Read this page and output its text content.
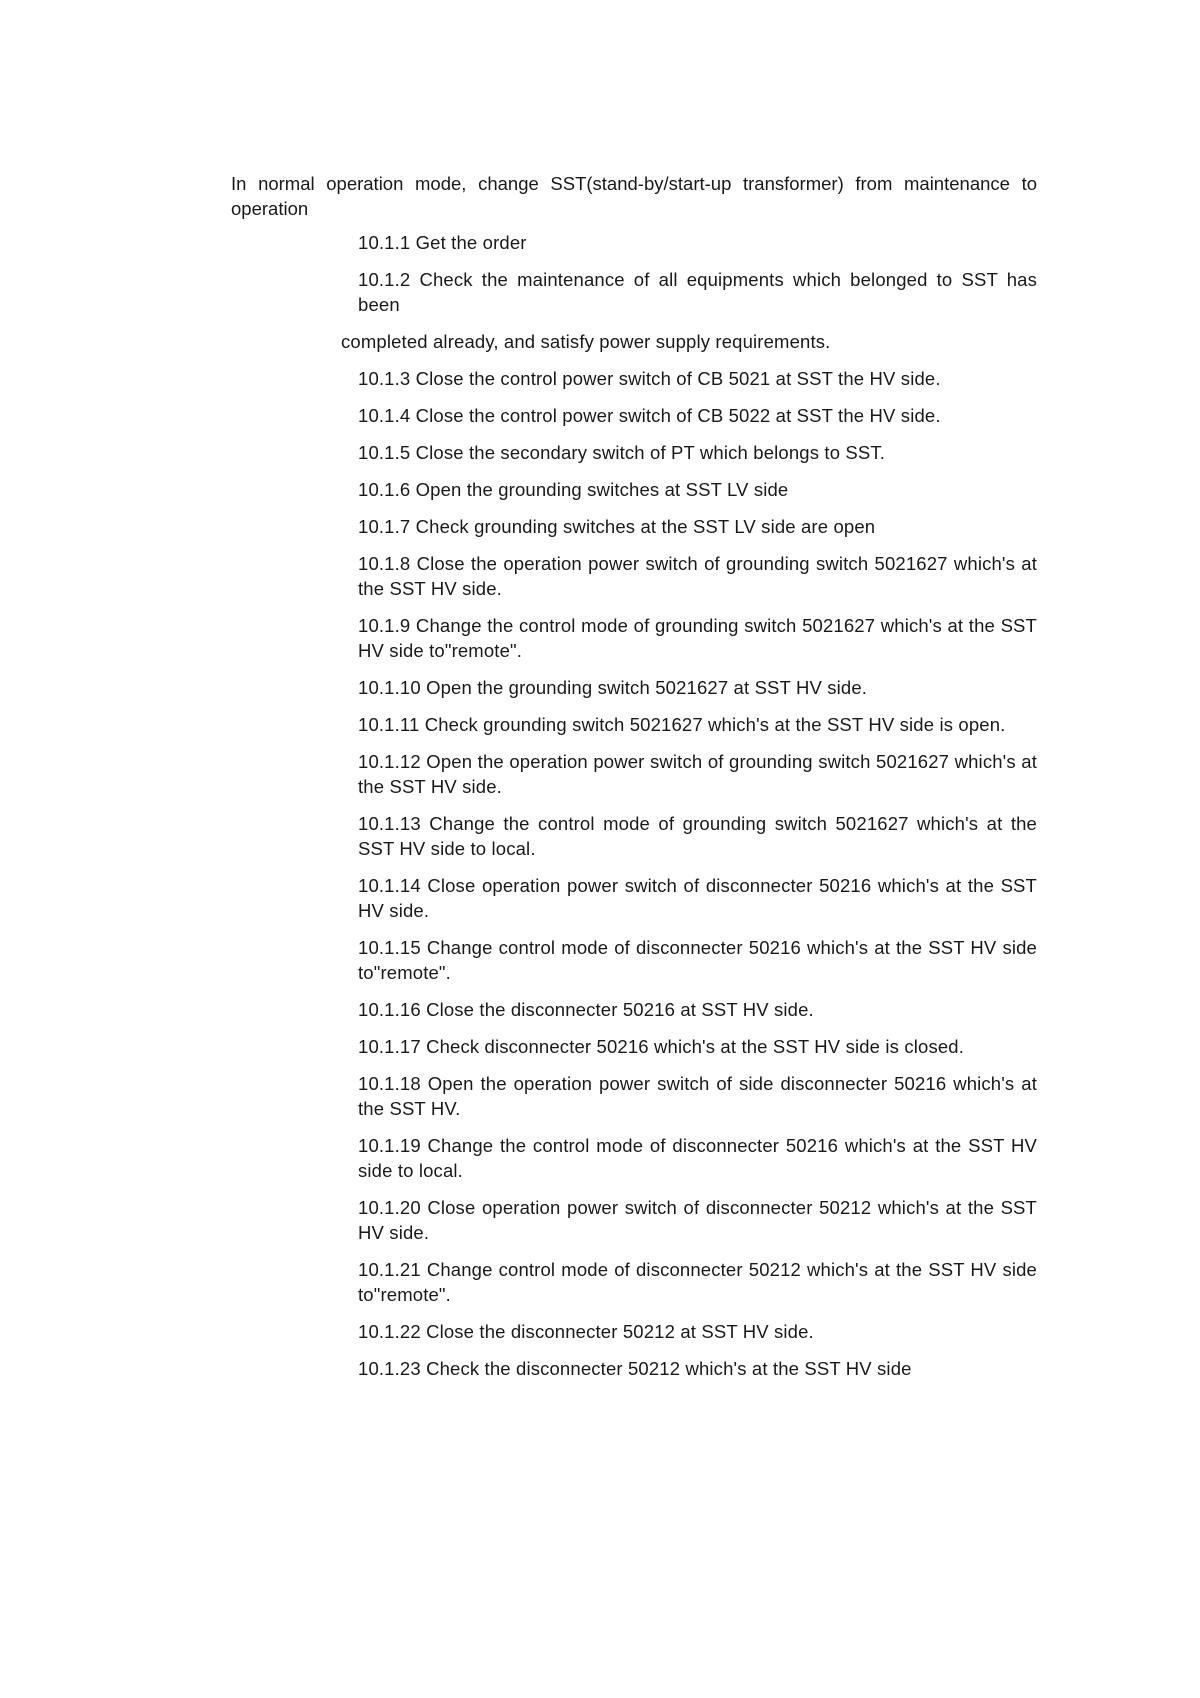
In normal operation mode, change SST(stand-by/start-up transformer) from maintenance to operation

10.1.1 Get the order

10.1.2 Check the maintenance of all equipments which belonged to SST has been

completed already, and satisfy power supply requirements.

10.1.3 Close the control power switch of CB 5021 at SST the HV side.

10.1.4 Close the control power switch of CB 5022 at SST the HV side.

10.1.5 Close the secondary switch of PT which belongs to SST.

10.1.6 Open the grounding switches at SST LV side

10.1.7 Check grounding switches at the SST LV side are open

10.1.8 Close the operation power switch of grounding switch 5021627 which's at the SST HV side.

10.1.9 Change the control mode of grounding switch 5021627 which's at the SST HV side to"remote".

10.1.10 Open the grounding switch 5021627 at SST HV side.

10.1.11 Check grounding switch 5021627 which's at the SST HV side is open.

10.1.12 Open the operation power switch of grounding switch 5021627 which's at the SST HV side.

10.1.13 Change the control mode of grounding switch 5021627 which's at the SST HV side to local.

10.1.14 Close operation power switch of disconnecter 50216 which's at the SST HV side.

10.1.15 Change control mode of disconnecter 50216 which's at the SST HV side to"remote".

10.1.16 Close the disconnecter 50216 at SST HV side.

10.1.17 Check disconnecter 50216 which's at the SST HV side is closed.

10.1.18 Open the operation power switch of side disconnecter 50216 which's at the SST HV.

10.1.19 Change the control mode of disconnecter 50216 which's at the SST HV side to local.

10.1.20 Close operation power switch of disconnecter 50212 which's at the SST HV side.

10.1.21 Change control mode of disconnecter 50212 which's at the SST HV side to"remote".

10.1.22 Close the disconnecter 50212 at SST HV side.

10.1.23 Check the disconnecter 50212 which's at the SST HV side
